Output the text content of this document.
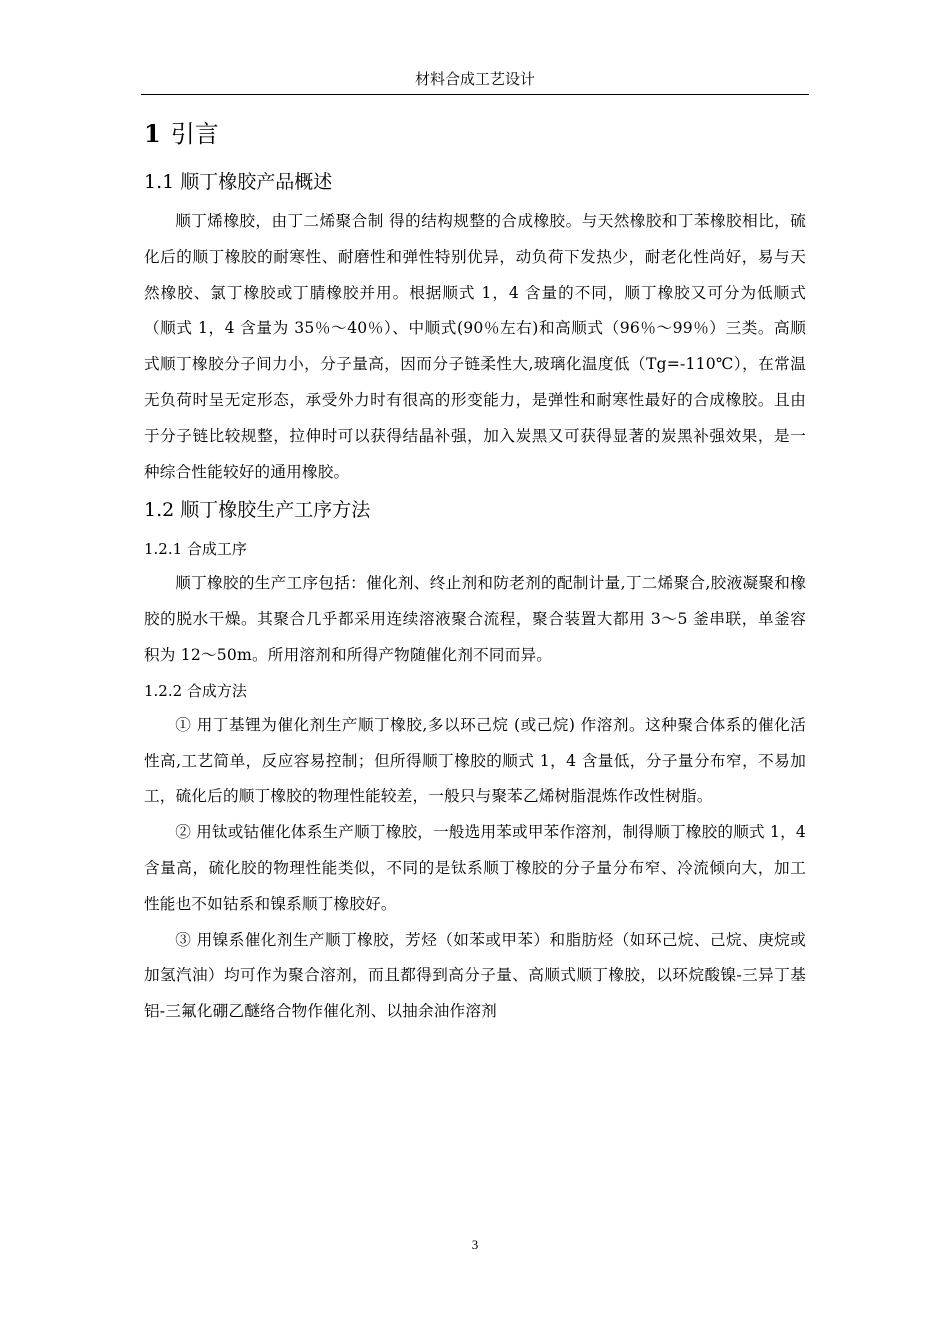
材料合成工艺设计
1 引言
1.1 顺丁橡胶产品概述

顺丁烯橡胶，由丁二烯聚合制 得的结构规整的合成橡胶。与天然橡胶和丁苯橡胶相比，硫化后的顺丁橡胶的耐寒性、耐磨性和弹性特别优异，动负荷下发热少，耐老化性尚好，易与天然橡胶、氯丁橡胶或丁腈橡胶并用。根据顺式 1，4 含量的不同，顺丁橡胶又可分为低顺式（顺式 1，4 含量为 35％～40％）、中顺式(90％左右)和高顺式（96％～99％）三类。高顺式顺丁橡胶分子间力小，分子量高，因而分子链柔性大,玻璃化温度低（Tg=-110℃），在常温无负荷时呈无定形态，承受外力时有很高的形变能力，是弹性和耐寒性最好的合成橡胶。且由于分子链比较规整，拉伸时可以获得结晶补强，加入炭黑又可获得显著的炭黑补强效果，是一种综合性能较好的通用橡胶。

1.2 顺丁橡胶生产工序方法
1.2.1 合成工序

顺丁橡胶的生产工序包括：催化剂、终止剂和防老剂的配制计量,丁二烯聚合,胶液凝聚和橡胶的脱水干燥。其聚合几乎都采用连续溶液聚合流程，聚合装置大都用 3～5 釜串联，单釜容积为 12～50m。所用溶剂和所得产物随催化剂不同而异。

1.2.2 合成方法

① 用丁基锂为催化剂生产顺丁橡胶,多以环己烷 (或己烷) 作溶剂。这种聚合体系的催化活性高,工艺简单，反应容易控制；但所得顺丁橡胶的顺式 1，4 含量低，分子量分布窄，不易加工，硫化后的顺丁橡胶的物理性能较差，一般只与聚苯乙烯树脂混炼作改性树脂。

② 用钛或钴催化体系生产顺丁橡胶，一般选用苯或甲苯作溶剂，制得顺丁橡胶的顺式 1，4 含量高，硫化胶的物理性能类似，不同的是钛系顺丁橡胶的分子量分布窄、冷流倾向大，加工性能也不如钴系和镍系顺丁橡胶好。

③ 用镍系催化剂生产顺丁橡胶，芳烃（如苯或甲苯）和脂肪烃（如环己烷、己烷、庚烷或加氢汽油）均可作为聚合溶剂，而且都得到高分子量、高顺式顺丁橡胶，以环烷酸镍-三异丁基铝-三氟化硼乙醚络合物作催化剂、以抽余油作溶剂

3
